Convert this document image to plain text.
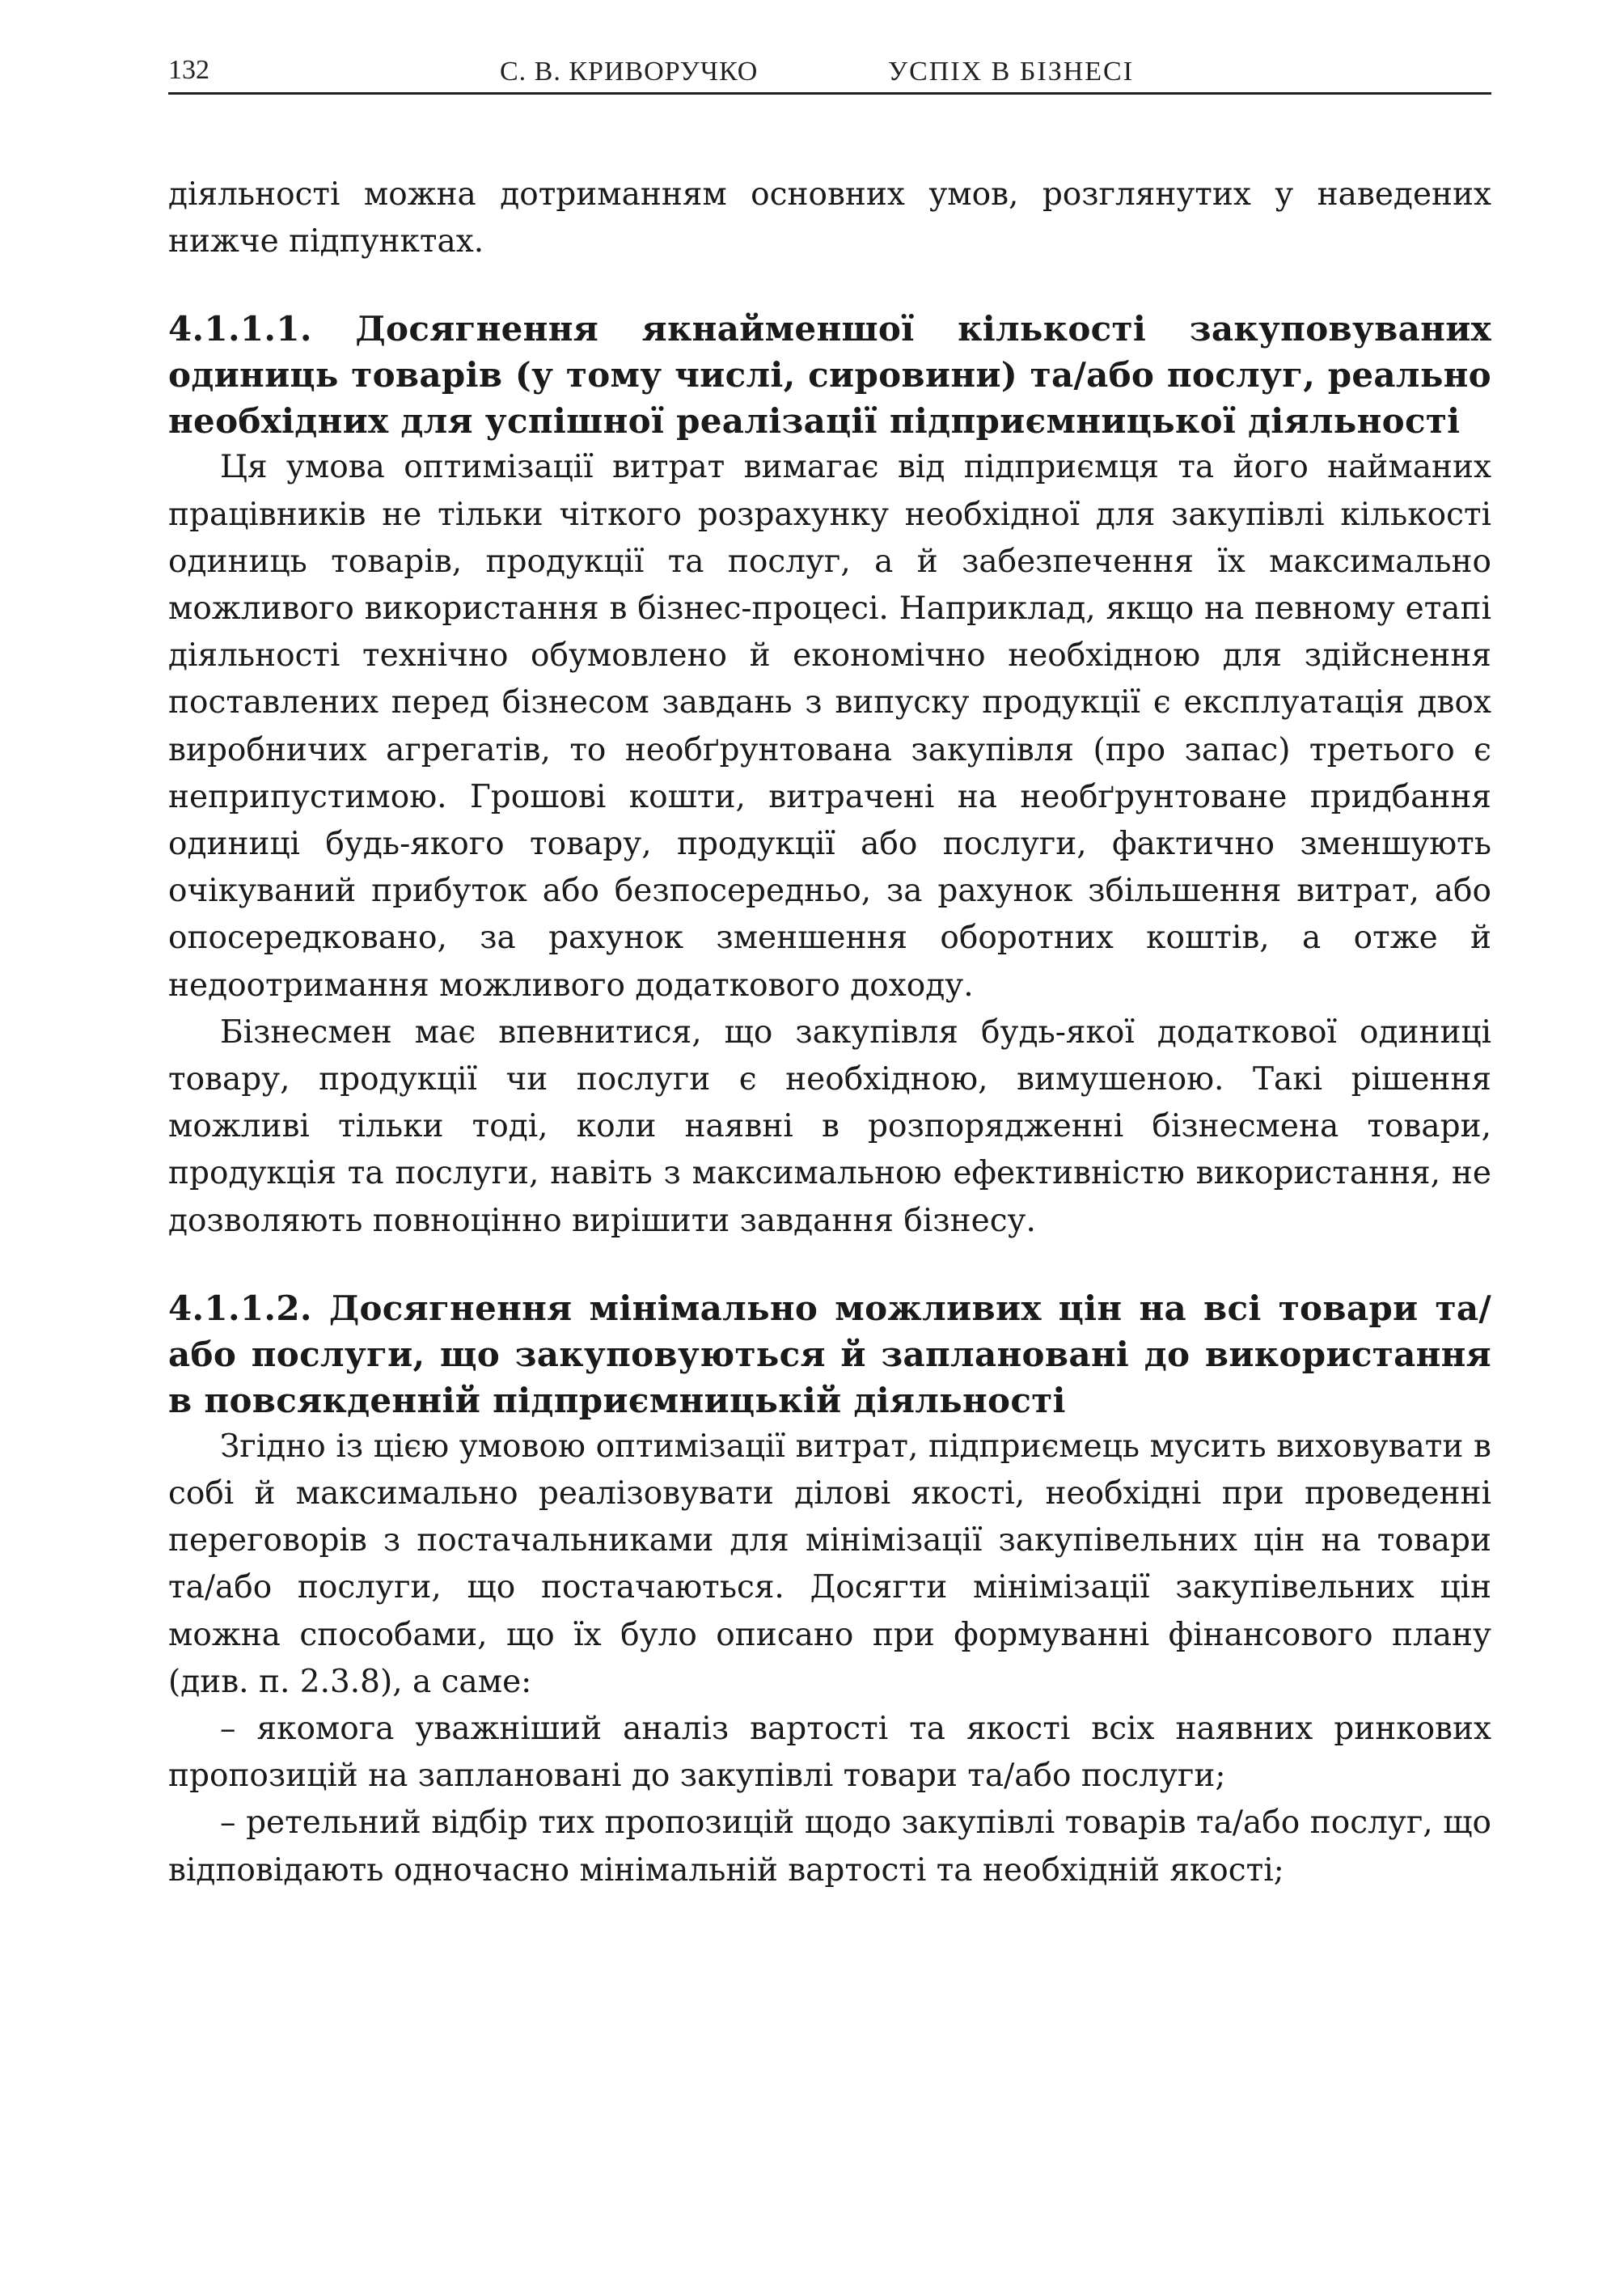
132	С. В. КРИВОРУЧКО	УСПІХ В БІЗНЕСІ

діяльності можна дотриманням основних умов, розглянутих у наведених нижче підпунктах.

4.1.1.1. Досягнення якнайменшої кількості закуповуваних одиниць товарів (у тому числі, сировини) та/або послуг, реально необхідних для успішної реалізації підприємницької діяльності

Ця умова оптимізації витрат вимагає від підприємця та його найманих працівників не тільки чіткого розрахунку необхідної для закупівлі кількості одиниць товарів, продукції та послуг, а й забезпечення їх максимально можливого використання в бізнес-процесі. Наприклад, якщо на певному етапі діяльності технічно обумовлено й економічно необхідною для здійснення поставлених перед бізнесом завдань з випуску продукції є експлуатація двох виробничих агрегатів, то необґрунтована закупівля (про запас) третього є неприпустимою. Грошові кошти, витрачені на необґрунтоване придбання одиниці будь-якого товару, продукції або послуги, фактично зменшують очікуваний прибуток або безпосередньо, за рахунок збільшення витрат, або опосередковано, за рахунок зменшення оборотних коштів, а отже й недоотримання можливого додаткового доходу.

Бізнесмен має впевнитися, що закупівля будь-якої додаткової одиниці товару, продукції чи послуги є необхідною, вимушеною. Такі рішення можливі тільки тоді, коли наявні в розпорядженні бізнесмена товари, продукція та послуги, навіть з максимальною ефективністю використання, не дозволяють повноцінно вирішити завдання бізнесу.

4.1.1.2. Досягнення мінімально можливих цін на всі товари та/або послуги, що закуповуються й заплановані до використання в повсякденній підприємницькій діяльності

Згідно із цією умовою оптимізації витрат, підприємець мусить виховувати в собі й максимально реалізовувати ділові якості, необхідні при проведенні переговорів з постачальниками для мінімізації закупівельних цін на товари та/або послуги, що постачаються. Досягти мінімізації закупівельних цін можна способами, що їх було описано при формуванні фінансового плану (див. п. 2.3.8), а саме:

– якомога уважніший аналіз вартості та якості всіх наявних ринкових пропозицій на заплановані до закупівлі товари та/або послуги;

– ретельний відбір тих пропозицій щодо закупівлі товарів та/або послуг, що відповідають одночасно мінімальній вартості та необхідній якості;
